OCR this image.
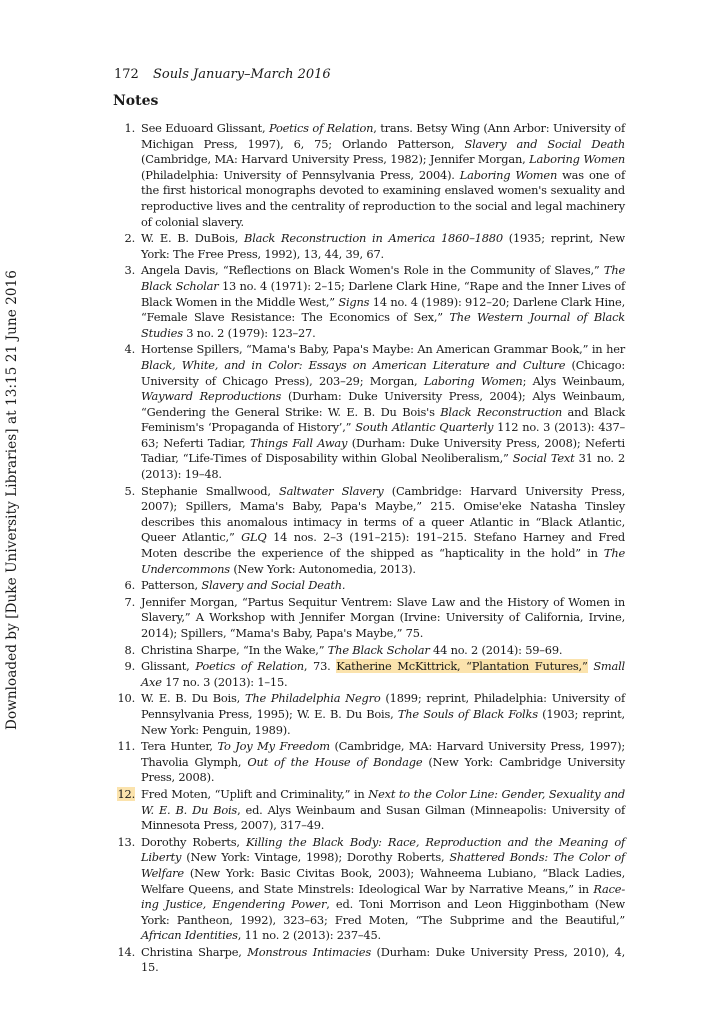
Downloaded by [Duke University Libraries] at 13:15 21 June 2016
172 Souls January–March 2016
Notes
1. See Eduoard Glissant, Poetics of Relation, trans. Betsy Wing (Ann Arbor: University of Michigan Press, 1997), 6, 75; Orlando Patterson, Slavery and Social Death (Cambridge, MA: Harvard University Press, 1982); Jennifer Morgan, Laboring Women (Philadelphia: University of Pennsylvania Press, 2004). Laboring Women was one of the first historical monographs devoted to examining enslaved women's sexuality and reproductive lives and the centrality of reproduction to the social and legal machinery of colonial slavery.
2. W. E. B. DuBois, Black Reconstruction in America 1860–1880 (1935; reprint, New York: The Free Press, 1992), 13, 44, 39, 67.
3. Angela Davis, “Reflections on Black Women's Role in the Community of Slaves,” The Black Scholar 13 no. 4 (1971): 2–15; Darlene Clark Hine, “Rape and the Inner Lives of Black Women in the Middle West,” Signs 14 no. 4 (1989): 912–20; Darlene Clark Hine, “Female Slave Resistance: The Economics of Sex,” The Western Journal of Black Studies 3 no. 2 (1979): 123–27.
4. Hortense Spillers, “Mama's Baby, Papa's Maybe: An American Grammar Book,” in her Black, White, and in Color: Essays on American Literature and Culture (Chicago: University of Chicago Press), 203–29; Morgan, Laboring Women; Alys Weinbaum, Wayward Reproductions (Durham: Duke University Press, 2004); Alys Weinbaum, “Gendering the General Strike: W. E. B. Du Bois's Black Reconstruction and Black Feminism's ‘Propaganda of History’,” South Atlantic Quarterly 112 no. 3 (2013): 437–63; Neferti Tadiar, Things Fall Away (Durham: Duke University Press, 2008); Neferti Tadiar, “Life-Times of Disposability within Global Neoliberalism,” Social Text 31 no. 2 (2013): 19–48.
5. Stephanie Smallwood, Saltwater Slavery (Cambridge: Harvard University Press, 2007); Spillers, Mama's Baby, Papa's Maybe,” 215. Omise'eke Natasha Tinsley describes this anomalous intimacy in terms of a queer Atlantic in “Black Atlantic, Queer Atlantic,” GLQ 14 nos. 2–3 (191–215): 191–215. Stefano Harney and Fred Moten describe the experience of the shipped as “hapticality in the hold” in The Undercommons (New York: Autonomedia, 2013).
6. Patterson, Slavery and Social Death.
7. Jennifer Morgan, “Partus Sequitur Ventrem: Slave Law and the History of Women in Slavery,” A Workshop with Jennifer Morgan (Irvine: University of California, Irvine, 2014); Spillers, “Mama's Baby, Papa's Maybe,” 75.
8. Christina Sharpe, “In the Wake,” The Black Scholar 44 no. 2 (2014): 59–69.
9. Glissant, Poetics of Relation, 73. Katherine McKittrick, “Plantation Futures,” Small Axe 17 no. 3 (2013): 1–15.
10. W. E. B. Du Bois, The Philadelphia Negro (1899; reprint, Philadelphia: University of Pennsylvania Press, 1995); W. E. B. Du Bois, The Souls of Black Folks (1903; reprint, New York: Penguin, 1989).
11. Tera Hunter, To Joy My Freedom (Cambridge, MA: Harvard University Press, 1997); Thavolia Glymph, Out of the House of Bondage (New York: Cambridge University Press, 2008).
12. Fred Moten, “Uplift and Criminality,” in Next to the Color Line: Gender, Sexuality and W. E. B. Du Bois, ed. Alys Weinbaum and Susan Gilman (Minneapolis: University of Minnesota Press, 2007), 317–49.
13. Dorothy Roberts, Killing the Black Body: Race, Reproduction and the Meaning of Liberty (New York: Vintage, 1998); Dorothy Roberts, Shattered Bonds: The Color of Welfare (New York: Basic Civitas Book, 2003); Wahneema Lubiano, “Black Ladies, Welfare Queens, and State Minstrels: Ideological War by Narrative Means,” in Race-ing Justice, Engendering Power, ed. Toni Morrison and Leon Higginbotham (New York: Pantheon, 1992), 323–63; Fred Moten, “The Subprime and the Beautiful,” African Identities, 11 no. 2 (2013): 237–45.
14. Christina Sharpe, Monstrous Intimacies (Durham: Duke University Press, 2010), 4, 15.
